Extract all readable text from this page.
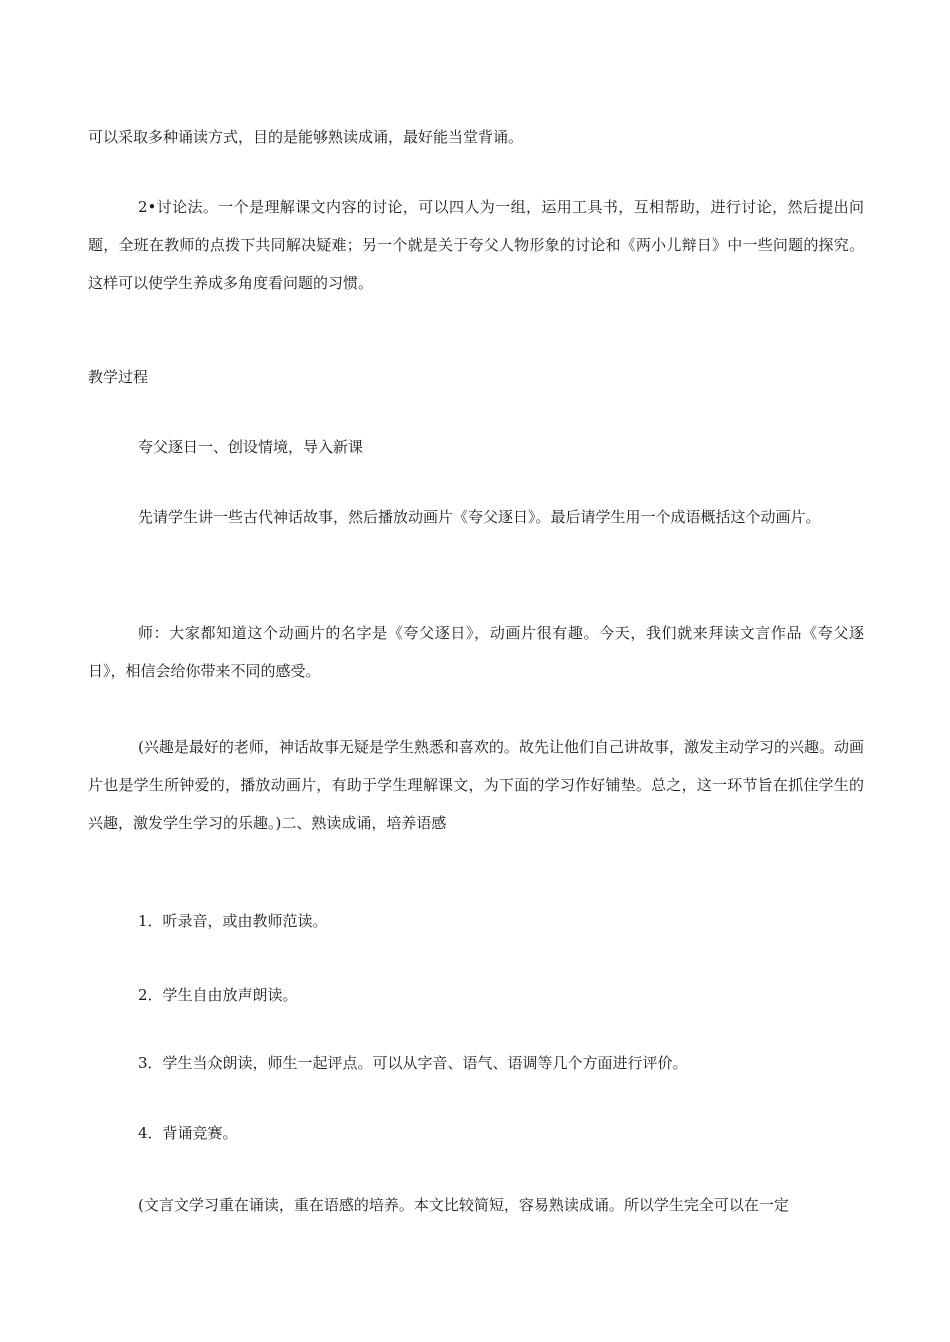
可以采取多种诵读方式，目的是能够熟读成诵，最好能当堂背诵。

2•讨论法。一个是理解课文内容的讨论，可以四人为一组，运用工具书，互相帮助，进行讨论，然后提出问题，全班在教师的点拨下共同解决疑难；另一个就是关于夸父人物形象的讨论和《两小儿辩日》中一些问题的探究。这样可以使学生养成多角度看问题的习惯。

教学过程

夸父逐日一、创设情境，导入新课

先请学生讲一些古代神话故事，然后播放动画片《夸父逐日》。最后请学生用一个成语概括这个动画片。

师：大家都知道这个动画片的名字是《夸父逐日》，动画片很有趣。今天，我们就来拜读文言作品《夸父逐日》，相信会给你带来不同的感受。

(兴趣是最好的老师，神话故事无疑是学生熟悉和喜欢的。故先让他们自己讲故事，激发主动学习的兴趣。动画片也是学生所钟爱的，播放动画片，有助于学生理解课文，为下面的学习作好铺垫。总之，这一环节旨在抓住学生的兴趣，激发学生学习的乐趣。)二、熟读成诵，培养语感

1．听录音，或由教师范读。

2．学生自由放声朗读。

3．学生当众朗读，师生一起评点。可以从字音、语气、语调等几个方面进行评价。

4．背诵竞赛。

(文言文学习重在诵读，重在语感的培养。本文比较简短，容易熟读成诵。所以学生完全可以在一定
